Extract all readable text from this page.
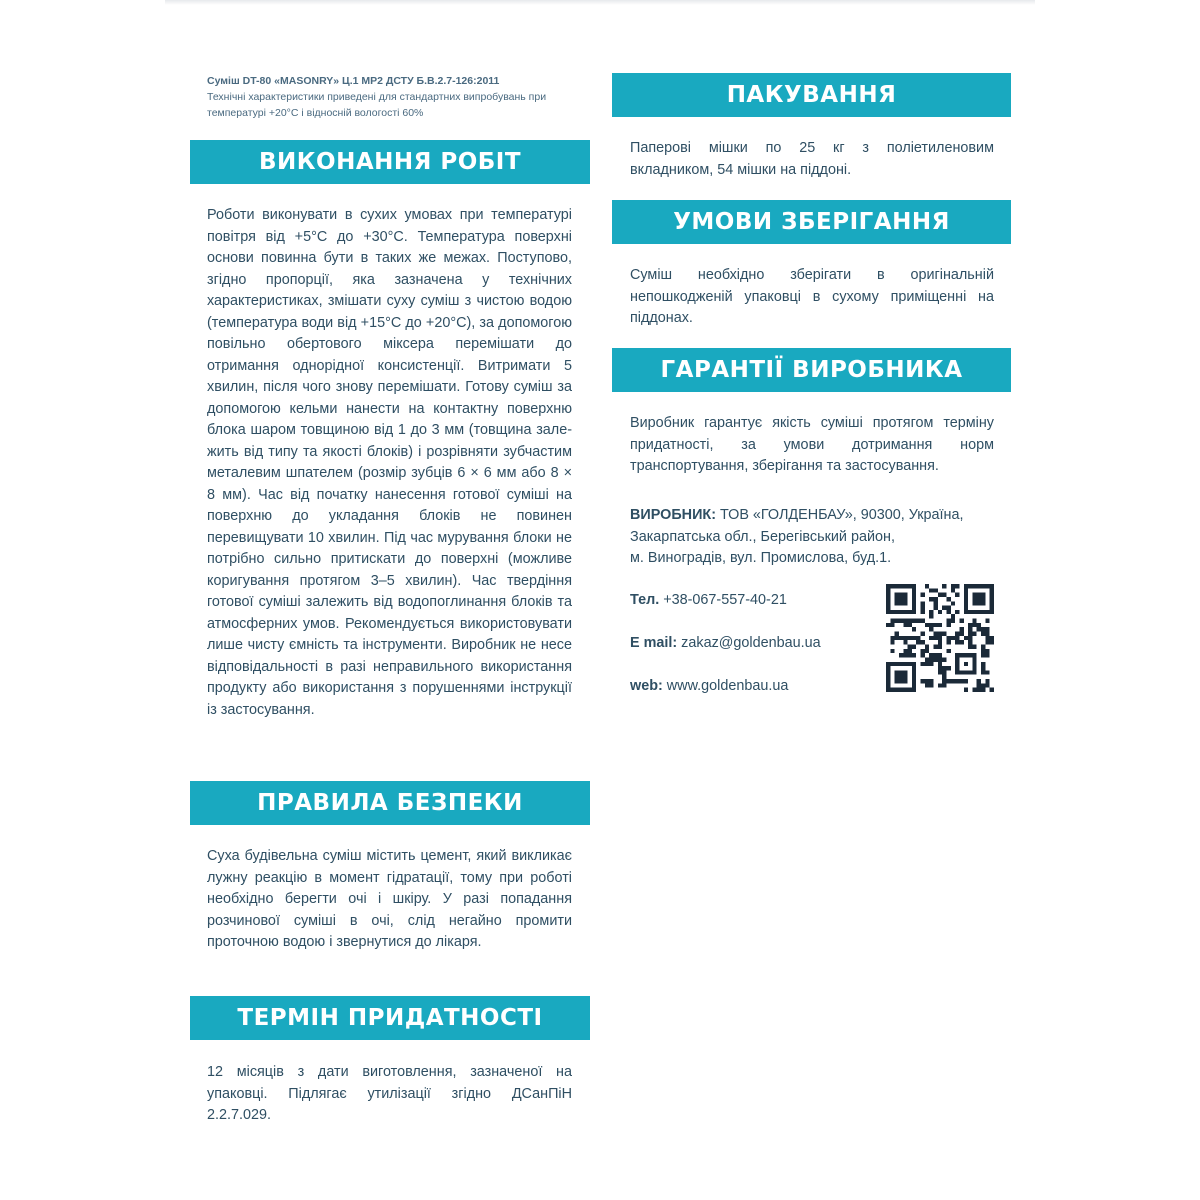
Суміш DT-80 «MASONRY» Ц.1 МР2 ДСТУ Б.В.2.7-126:2011
Технічні характеристики приведені для стандартних випробувань при температурі +20°С і відносній вологості 60%
ВИКОНАННЯ РОБІТ

Роботи виконувати в сухих умовах при температурі повітря від +5°С до +30°С. Температура поверхні основи повинна бути в таких же межах. Поступово, згідно пропорції, яка зазначена у технічних характеристиках, змішати суху суміш з чистою водою (температура води від +15°С до +20°С), за допомогою повільно обертового міксера перемішати до отримання однорідної консистенції. Витримати 5 хвилин, після чого знову перемішати. Готову суміш за допомогою кельми нанести на контактну поверхню блока шаром товщиною від 1 до 3 мм (товщина залежить від типу та якості блоків) і розрівняти зубчастим металевим шпателем (розмір зубців 6 × 6 мм або 8 × 8 мм). Час від початку нанесення готової суміші на поверхню до укладання блоків не повинен перевищувати 10 хвилин. Під час мурування блоки не потрібно сильно притискати до поверхні (можливе коригування протягом 3–5 хвилин). Час твердіння готової суміші залежить від водопоглинання блоків та атмосферних умов. Рекомендується використовувати лише чисту ємність та інструменти. Виробник не несе відповідальності в разі неправильного використання продукту або використання з порушеннями інструкції із застосування.

ПРАВИЛА БЕЗПЕКИ

Суха будівельна суміш містить цемент, який викликає лужну реакцію в момент гідратації, тому при роботі необхідно берегти очі і шкіру. У разі попадання розчинової суміші в очі, слід негайно промити проточною водою і звернутися до лікаря.

ТЕРМІН ПРИДАТНОСТІ

12 місяців з дати виготовлення, зазначеної на упаковці. Підлягає утилізації згідно ДСанПіН 2.2.7.029.

ПАКУВАННЯ

Паперові мішки по 25 кг з поліетиленовим вкладником, 54 мішки на піддоні.

УМОВИ ЗБЕРІГАННЯ

Суміш необхідно зберігати в оригінальній непошкодженій упаковці в сухому приміщенні на піддонах.

ГАРАНТІЇ ВИРОБНИКА

Виробник гарантує якість суміші протягом терміну придатності, за умови дотримання норм транспортування, зберігання та застосування.

ВИРОБНИК: ТОВ «ГОЛДЕНБАУ», 90300, Україна,

Закарпатська обл., Берегівський район,

м. Виноградів, вул. Промислова, буд.1.

Тел. +38-067-557-40-21

E mail: zakaz@goldenbau.ua

web: www.goldenbau.ua
